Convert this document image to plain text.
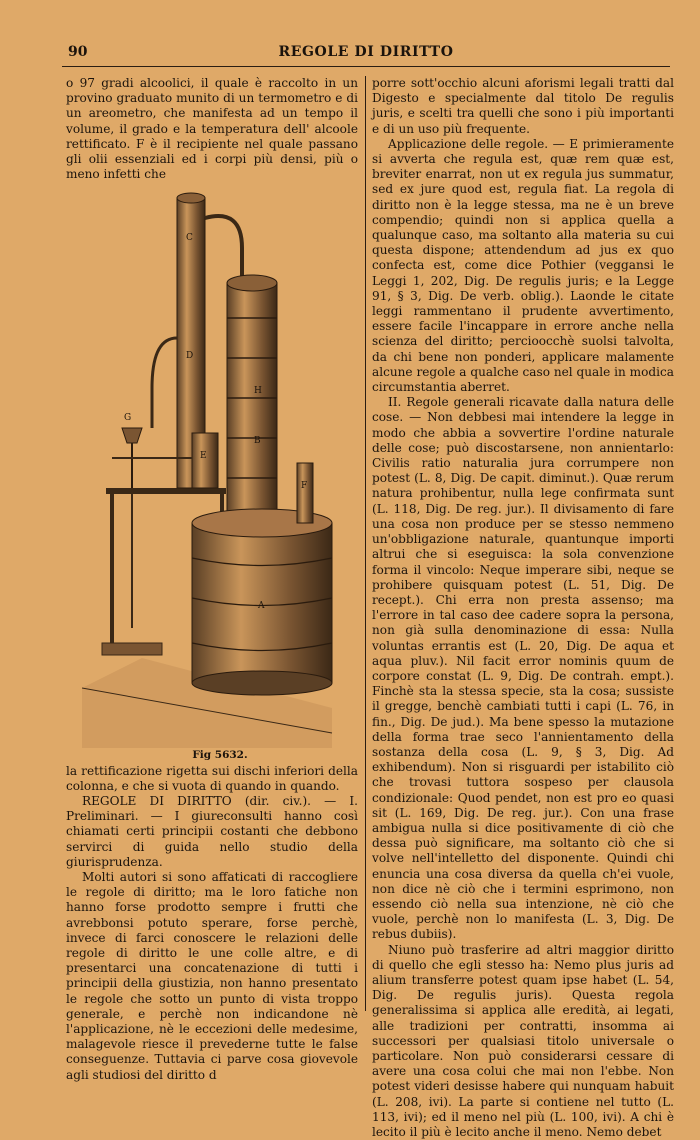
90	REGOLE DI DIRITTO

o 97 gradi alcoolici, il quale è raccolto in un provino graduato munito di un termometro e di un areometro, che manifesta ad un tempo il volume, il grado e la temperatura dell' alcoole rettificato. F è il recipiente nel quale passano gli olii essenziali ed i corpi più densi, più o meno infetti che

C
D
G
H
B
E
F
A

Fig 5632.

la rettificazione rigetta sui dischi inferiori della colonna, e che si vuota di quando in quando.

REGOLE DI DIRITTO (dir. civ.). — I. Preliminari. — I giureconsulti hanno così chiamati certi principii costanti che debbono servirci di guida nello studio della giurisprudenza.

Molti autori si sono affaticati di raccogliere le regole di diritto; ma le loro fatiche non hanno forse prodotto sempre i frutti che avrebbonsi potuto sperare, forse perchè, invece di farci conoscere le relazioni delle regole di diritto le une colle altre, e di presentarci una concatenazione di tutti i principii della giustizia, non hanno presentato le regole che sotto un punto di vista troppo generale, e perchè non indicandone nè l'applicazione, nè le eccezioni delle medesime, malagevole riesce il prevederne tutte le false conseguenze. Tuttavia ci parve cosa giovevole agli studiosi del diritto d

porre sott'occhio alcuni aforismi legali tratti dal Digesto e specialmente dal titolo De regulis juris, e scelti tra quelli che sono i più importanti e di un uso più frequente.

Applicazione delle regole. — E primieramente si avverta che regula est, quæ rem quæ est, breviter enarrat, non ut ex regula jus summatur, sed ex jure quod est, regula fiat. La regola di diritto non è la legge stessa, ma ne è un breve compendio; quindi non si applica quella a qualunque caso, ma soltanto alla materia su cui questa dispone; attendendum ad jus ex quo confecta est, come dice Pothier (veggansi le Leggi 1, 202, Dig. De regulis juris; e la Legge 91, § 3, Dig. De verb. oblig.). Laonde le citate leggi rammentano il prudente avvertimento, essere facile l'incappare in errore anche nella scienza del diritto; percioocchè suolsi talvolta, da chi bene non ponderi, applicare malamente alcune regole a qualche caso nel quale in modica circumstantia aberret.

II. Regole generali ricavate dalla natura delle cose. — Non debbesi mai intendere la legge in modo che abbia a sovvertire l'ordine naturale delle cose; può discostarsene, non annientarlo: Civilis ratio naturalia jura corrumpere non potest (L. 8, Dig. De capit. diminut.). Quæ rerum natura prohibentur, nulla lege confirmata sunt (L. 118, Dig. De reg. jur.). Il divisamento di fare una cosa non produce per se stesso nemmeno un'obbligazione naturale, quantunque importi altrui che si eseguisca: la sola convenzione forma il vincolo: Neque imperare sibi, neque se prohibere quisquam potest (L. 51, Dig. De recept.). Chi erra non presta assenso; ma l'errore in tal caso dee cadere sopra la persona, non già sulla denominazione di essa: Nulla voluntas errantis est (L. 20, Dig. De aqua et aqua pluv.). Nil facit error nominis quum de corpore constat (L. 9, Dig. De contrah. empt.). Finchè sta la stessa specie, sta la cosa; sussiste il gregge, benchè cambiati tutti i capi (L. 76, in fin., Dig. De jud.). Ma bene spesso la mutazione della forma trae seco l'annientamento della sostanza della cosa (L. 9, § 3, Dig. Ad exhibendum). Non si risguardi per istabilito ciò che trovasi tuttora sospeso per clausola condizionale: Quod pendet, non est pro eo quasi sit (L. 169, Dig. De reg. jur.). Con una frase ambigua nulla si dice positivamente di ciò che dessa può significare, ma soltanto ciò che si volve nell'intelletto del disponente. Quindi chi enuncia una cosa diversa da quella ch'ei vuole, non dice nè ciò che i termini esprimono, non essendo ciò nella sua intenzione, nè ciò che vuole, perchè non lo manifesta (L. 3, Dig. De rebus dubiis).

Niuno può trasferire ad altri maggior diritto di quello che egli stesso ha: Nemo plus juris ad alium transferre potest quam ipse habet (L. 54, Dig. De regulis juris). Questa regola generalissima si applica alle eredità, ai legati, alle tradizioni per contratti, insomma ai successori per qualsiasi titolo universale o particolare. Non può considerarsi cessare di avere una cosa colui che mai non l'ebbe. Non potest videri desisse habere qui nunquam habuit (L. 208, ivi). La parte si contiene nel tutto (L. 113, ivi); ed il meno nel più (L. 100, ivi). A chi è lecito il più è lecito anche il meno. Nemo debet
